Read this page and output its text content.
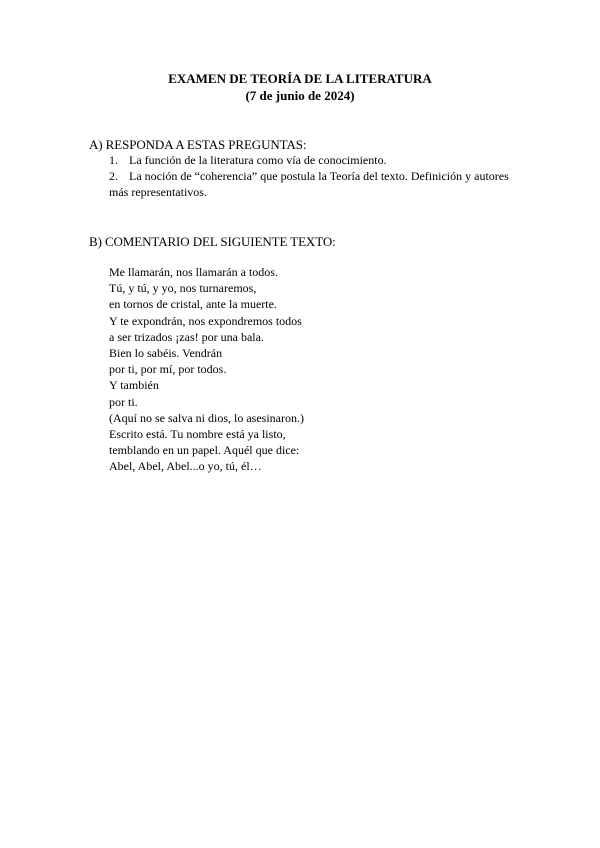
EXAMEN DE TEORÍA DE LA LITERATURA
(7 de junio de 2024)
A) RESPONDA A ESTAS PREGUNTAS:
1. La función de la literatura como vía de conocimiento.
2. La noción de “coherencia” que postula la Teoría del texto. Definición y autores más representativos.
B) COMENTARIO DEL SIGUIENTE TEXTO:
Me llamarán, nos llamarán a todos.
Tú, y tú, y yo, nos turnaremos,
en tornos de cristal, ante la muerte.
Y te expondrán, nos expondremos todos
a ser trizados ¡zas! por una bala.
Bien lo sabéis. Vendrán
por ti, por mí, por todos.
Y también
por ti.
(Aquí no se salva ni dios, lo asesinaron.)
Escrito está. Tu nombre está ya listo,
temblando en un papel. Aquél que dice:
Abel, Abel, Abel...o yo, tú, él…
